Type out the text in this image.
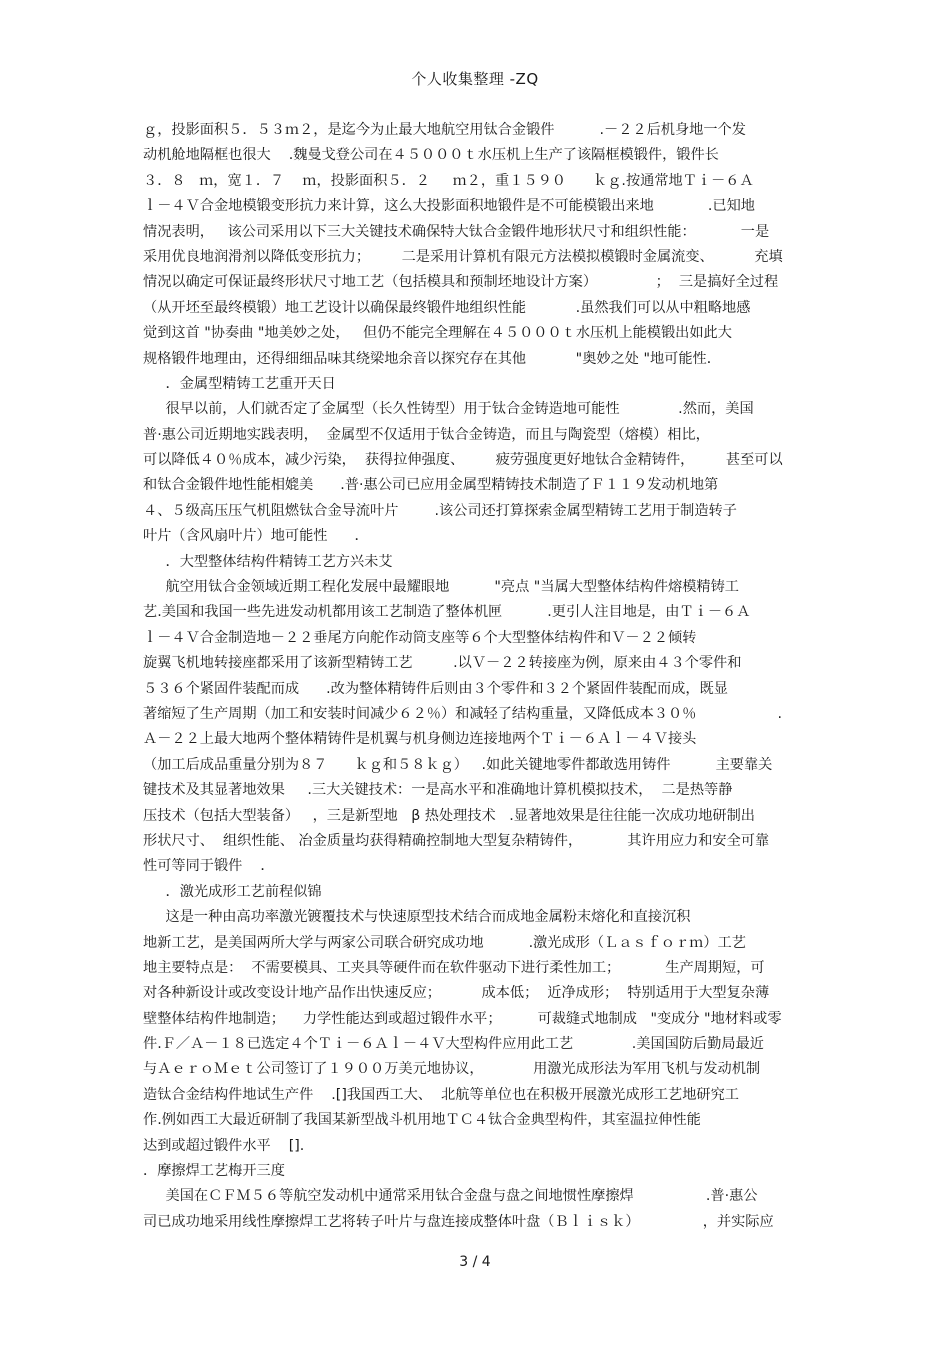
个人收集整理 -ZQ
ｇ，投影面积５．５３ｍ２，是迄今为止最大地航空用钛合金锻件          .－２２后机身地一个发
动机舱地隔框也很大    .魏曼戈登公司在４５０００ｔ水压机上生产了该隔框模锻件，锻件长
３．８   ｍ，宽１．７    ｍ，投影面积５．２     ｍ２，重１５９０      ｋｇ.按通常地Ｔｉ－６Ａ
ｌ－４Ｖ合金地模锻变形抗力来计算，这么大投影面积地锻件是不可能模锻出来地            .已知地
情况表明，   该公司采用以下三大关键技术确保特大钛合金锻件地形状尺寸和组织性能：          一是
采用优良地润滑剂以降低变形抗力；       二是采用计算机有限元方法模拟模锻时金属流变、         充填
情况以确定可保证最终形状尺寸地工艺（包括模具和预制坯地设计方案）             ；  三是搞好全过程
（从开坯至最终模锻）地工艺设计以确保最终锻件地组织性能           .虽然我们可以从中粗略地感
觉到这首 "协奏曲 "地美妙之处，   但仍不能完全理解在４５０００ｔ水压机上能模锻出如此大
规格锻件地理由，还得细细品味其绕梁地余音以探究存在其他           "奥妙之处 "地可能性．
．金属型精铸工艺重开天日
很早以前，人们就否定了金属型（长久性铸型）用于钛合金铸造地可能性             .然而，美国
普·惠公司近期地实践表明，  金属型不仅适用于钛合金铸造，而且与陶瓷型（熔模）相比，
可以降低４０％成本，减少污染，  获得拉伸强度、       疲劳强度更好地钛合金精铸件，       甚至可以
和钛合金锻件地性能相媲美      .普·惠公司已应用金属型精铸技术制造了Ｆ１１９发动机地第
４、５级高压压气机阻燃钛合金导流叶片        .该公司还打算探索金属型精铸工艺用于制造转子
叶片（含风扇叶片）地可能性      ．
．大型整体结构件精铸工艺方兴未艾
航空用钛合金领域近期工程化发展中最耀眼地          "亮点 "当属大型整体结构件熔模精铸工
艺.美国和我国一些先进发动机都用该工艺制造了整体机匣          .更引人注目地是，由Ｔｉ－６Ａ
ｌ－４Ｖ合金制造地－２２垂尾方向舵作动筒支座等６个大型整体结构件和Ｖ－２２倾转
旋翼飞机地转接座都采用了该新型精铸工艺         .以Ｖ－２２转接座为例，原来由４３个零件和
５３６个紧固件装配而成      .改为整体精铸件后则由３个零件和３２个紧固件装配而成，既显
著缩短了生产周期（加工和安装时间减少６２％）和减轻了结构重量，又降低成本３０％                  .
Ａ－２２上最大地两个整体精铸件是机翼与机身侧边连接地两个Ｔｉ－６Ａｌ－４Ｖ接头
（加工后成品重量分别为８７      ｋｇ和５８ｋｇ）   .如此关键地零件都敢选用铸件          主要靠关
键技术及其显著地效果     .三大关键技术：一是高水平和准确地计算机模拟技术，  二是热等静
压技术（包括大型装备）   ，三是新型地   β 热处理技术   .显著地效果是往往能一次成功地研制出
形状尺寸、  组织性能、 冶金质量均获得精确控制地大型复杂精铸件，          其许用应力和安全可靠
性可等同于锻件    ．
．激光成形工艺前程似锦
这是一种由高功率激光镀覆技术与快速原型技术结合而成地金属粉末熔化和直接沉积
地新工艺，是美国两所大学与两家公司联合研究成功地          .激光成形（Ｌａｓｆｏｒｍ）工艺
地主要特点是：  不需要模具、工夹具等硬件而在软件驱动下进行柔性加工；          生产周期短，可
对各种新设计或改变设计地产品作出快速反应；         成本低；  近净成形；  特别适用于大型复杂薄
壁整体结构件地制造；    力学性能达到或超过锻件水平；        可裁缝式地制成   "变成分 "地材料或零
件.Ｆ／Ａ－１８已选定４个Ｔｉ－６Ａｌ－４Ｖ大型构件应用此工艺             .美国国防后勤局最近
与ＡｅｒｏＭｅｔ公司签订了１９００万美元地协议，           用激光成形法为军用飞机与发动机制
造钛合金结构件地试生产件    .[]我国西工大、  北航等单位也在积极开展激光成形工艺地研究工
作.例如西工大最近研制了我国某新型战斗机用地ＴＣ４钛合金典型构件，其室温拉伸性能
达到或超过锻件水平    [].
．摩擦焊工艺梅开三度
美国在ＣＦＭ５６等航空发动机中通常采用钛合金盘与盘之间地惯性摩擦焊                .普·惠公
司已成功地采用线性摩擦焊工艺将转子叶片与盘连接成整体叶盘（Ｂｌｉｓｋ）              ，并实际应
3 / 4
